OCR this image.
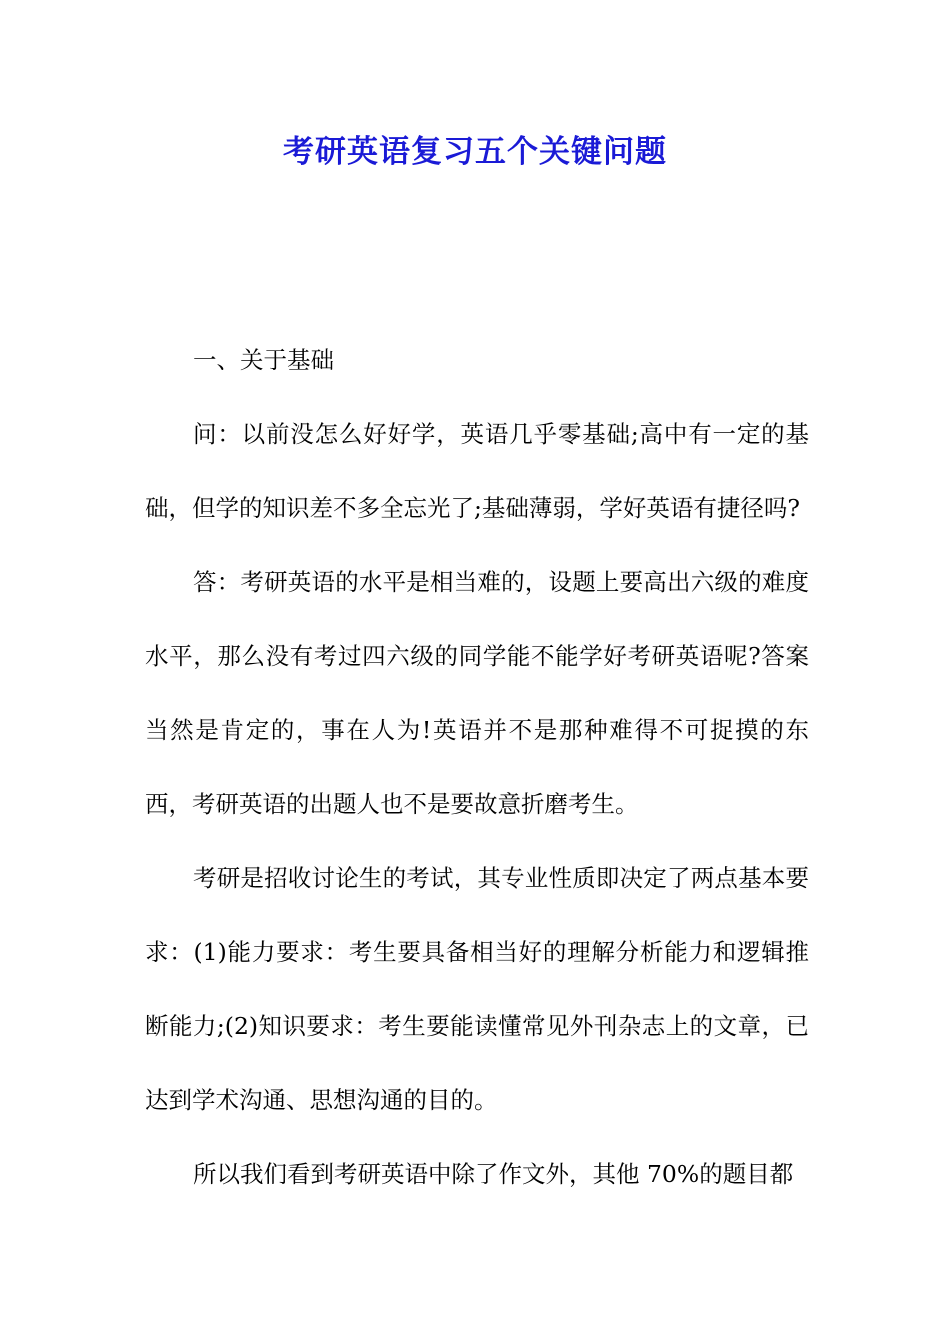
考研英语复习五个关键问题
一、关于基础

问：以前没怎么好好学，英语几乎零基础;高中有一定的基础，但学的知识差不多全忘光了;基础薄弱，学好英语有捷径吗?

答：考研英语的水平是相当难的，设题上要高出六级的难度水平，那么没有考过四六级的同学能不能学好考研英语呢?答案当然是肯定的，事在人为!英语并不是那种难得不可捉摸的东西，考研英语的出题人也不是要故意折磨考生。

考研是招收讨论生的考试，其专业性质即决定了两点基本要求：(1)能力要求：考生要具备相当好的理解分析能力和逻辑推断能力;(2)知识要求：考生要能读懂常见外刊杂志上的文章，已达到学术沟通、思想沟通的目的。

所以我们看到考研英语中除了作文外，其他 70%的题目都
